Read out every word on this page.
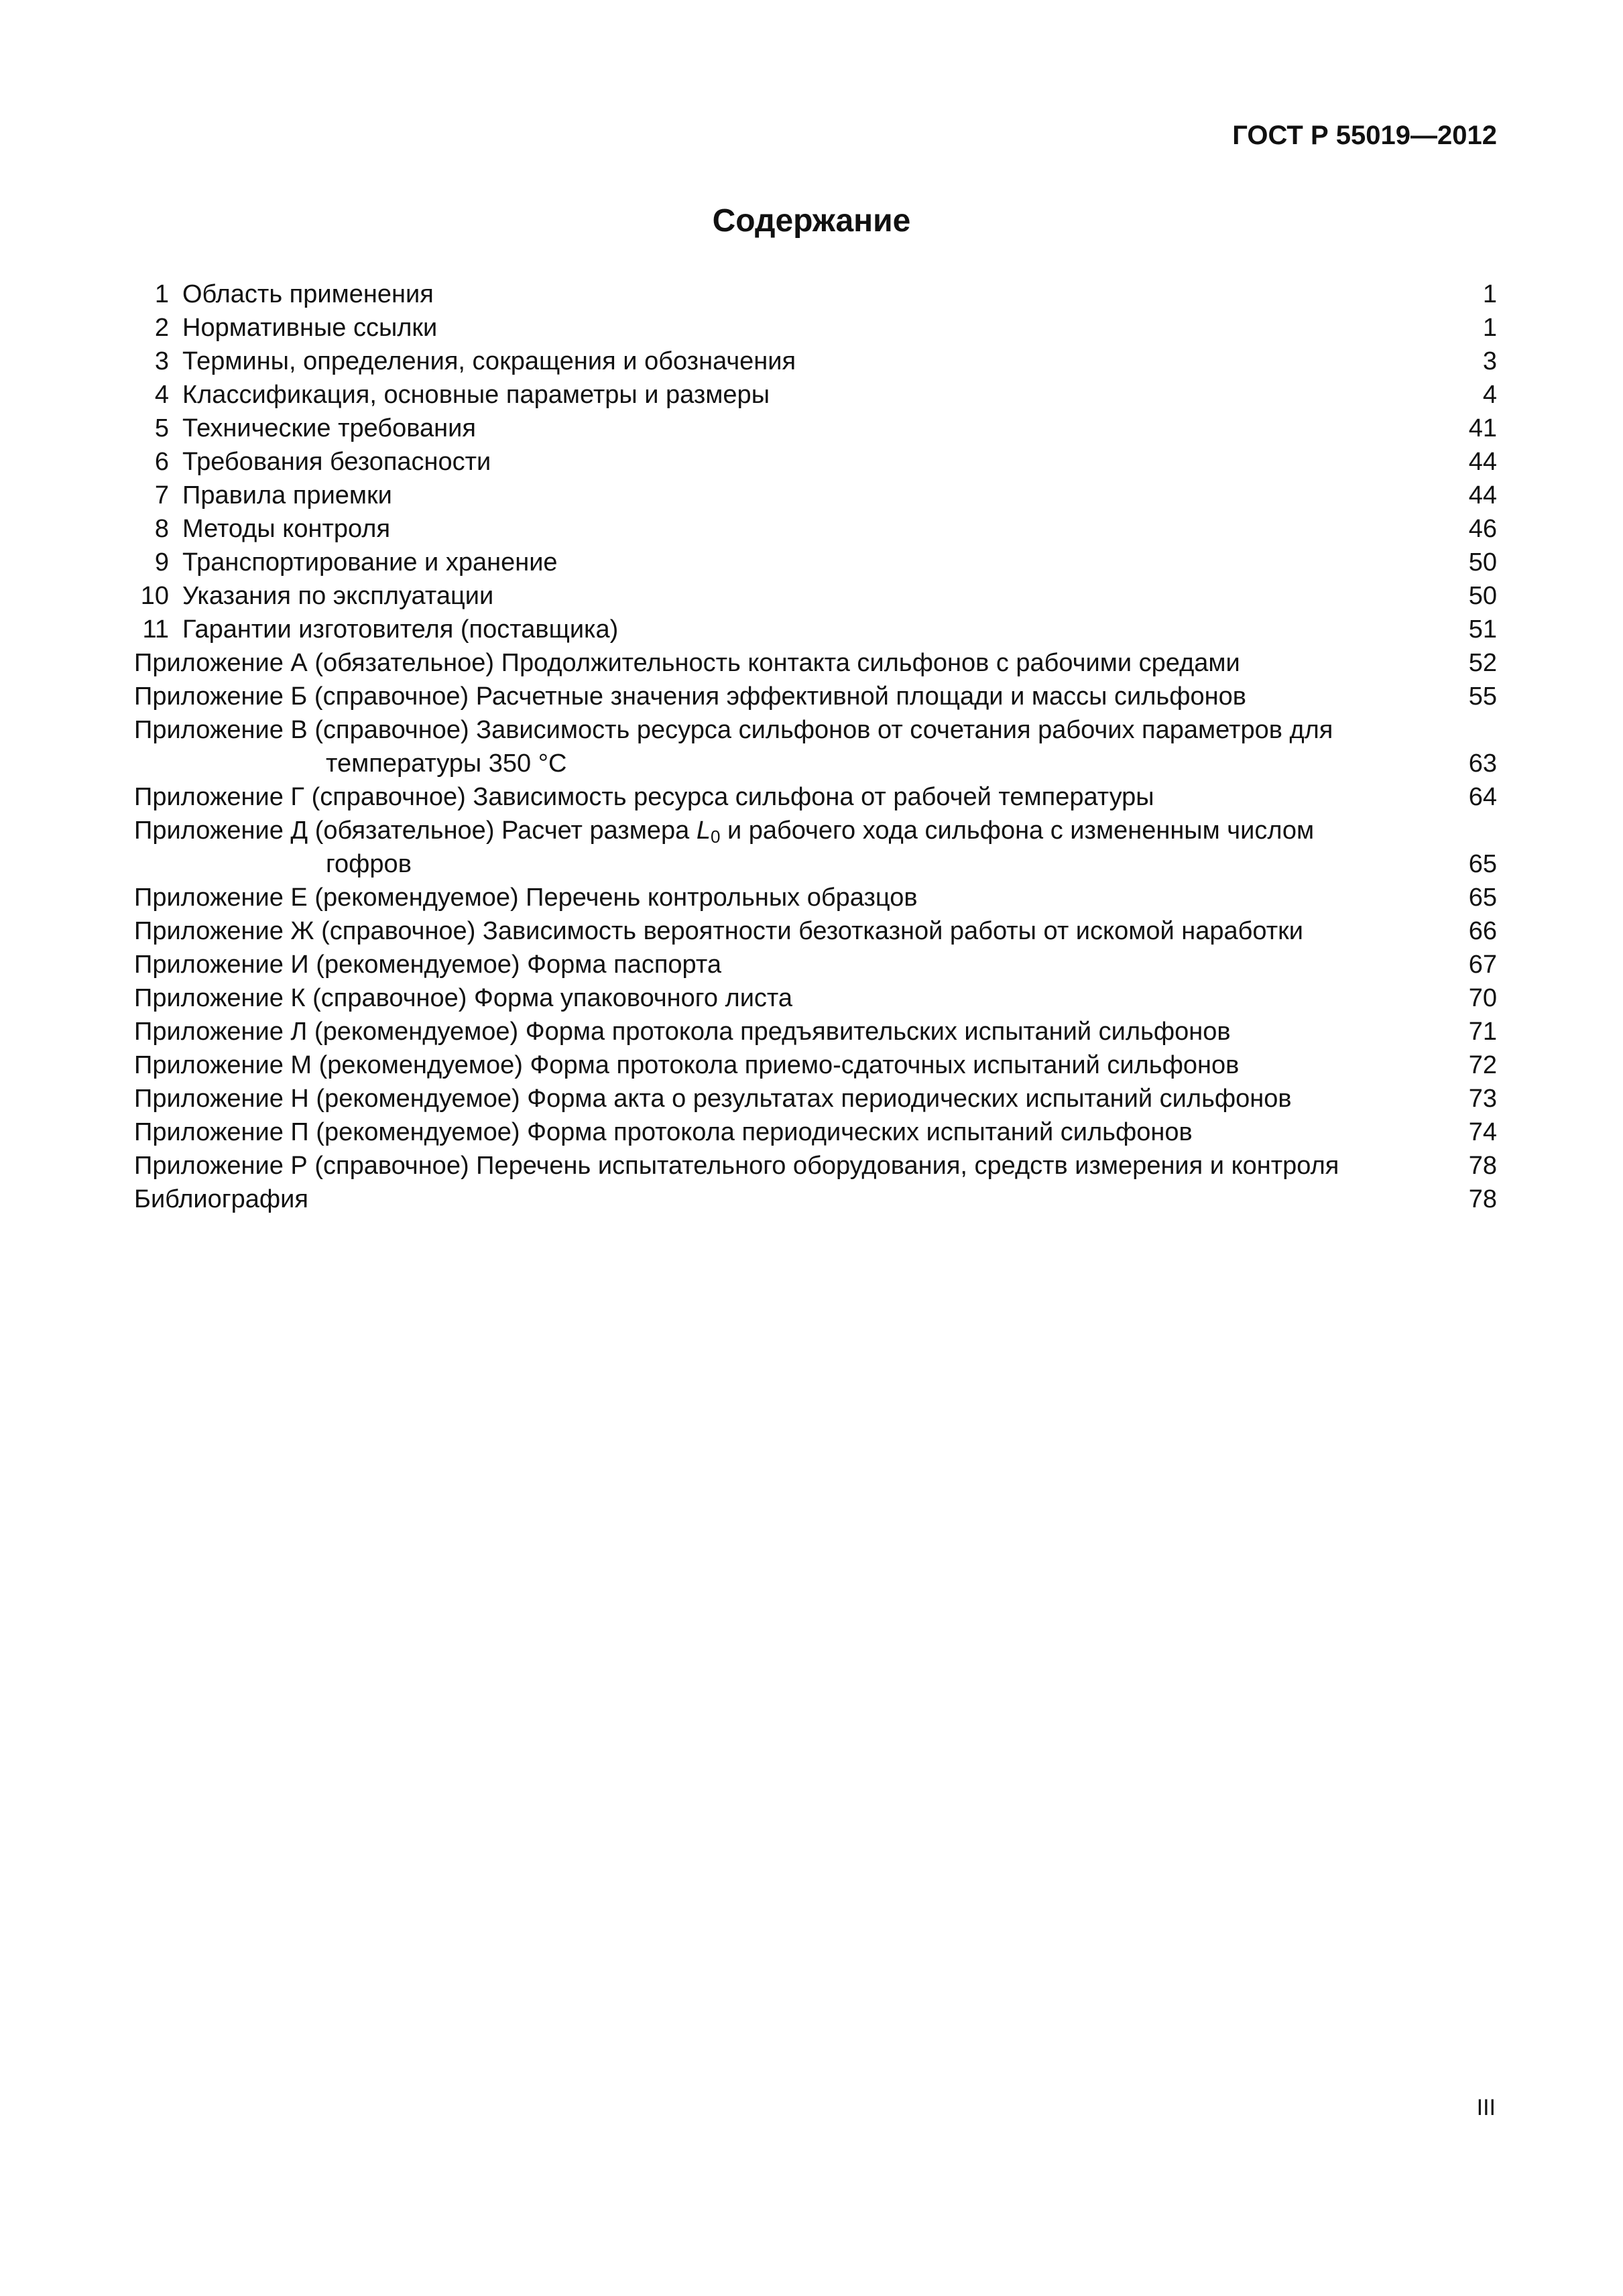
ГОСТ Р 55019—2012
Содержание
1 Область применения	1
2 Нормативные ссылки	1
3 Термины, определения, сокращения и обозначения	3
4 Классификация, основные параметры и размеры	4
5 Технические требования	41
6 Требования безопасности	44
7 Правила приемки	44
8 Методы контроля	46
9 Транспортирование и хранение	50
10 Указания по эксплуатации	50
11 Гарантии изготовителя (поставщика)	51
Приложение А (обязательное) Продолжительность контакта сильфонов с рабочими средами	52
Приложение Б (справочное) Расчетные значения эффективной площади и массы сильфонов	55
Приложение В (справочное) Зависимость ресурса сильфонов от сочетания рабочих параметров для
температуры 350 °С	63
Приложение Г (справочное) Зависимость ресурса сильфона от рабочей температуры	64
Приложение Д (обязательное) Расчет размера $L_0$ и рабочего хода сильфона с измененным числом
гофров	65
Приложение Е (рекомендуемое) Перечень контрольных образцов	65
Приложение Ж (справочное) Зависимость вероятности безотказной работы от искомой наработки	66
Приложение И (рекомендуемое) Форма паспорта	67
Приложение К (справочное) Форма упаковочного листа	70
Приложение Л (рекомендуемое) Форма протокола предъявительских испытаний сильфонов	71
Приложение М (рекомендуемое) Форма протокола приемо-сдаточных испытаний сильфонов	72
Приложение Н (рекомендуемое) Форма акта о результатах периодических испытаний сильфонов	73
Приложение П (рекомендуемое) Форма протокола периодических испытаний сильфонов	74
Приложение Р (справочное) Перечень испытательного оборудования, средств измерения и контроля	78
Библиография	78
III
